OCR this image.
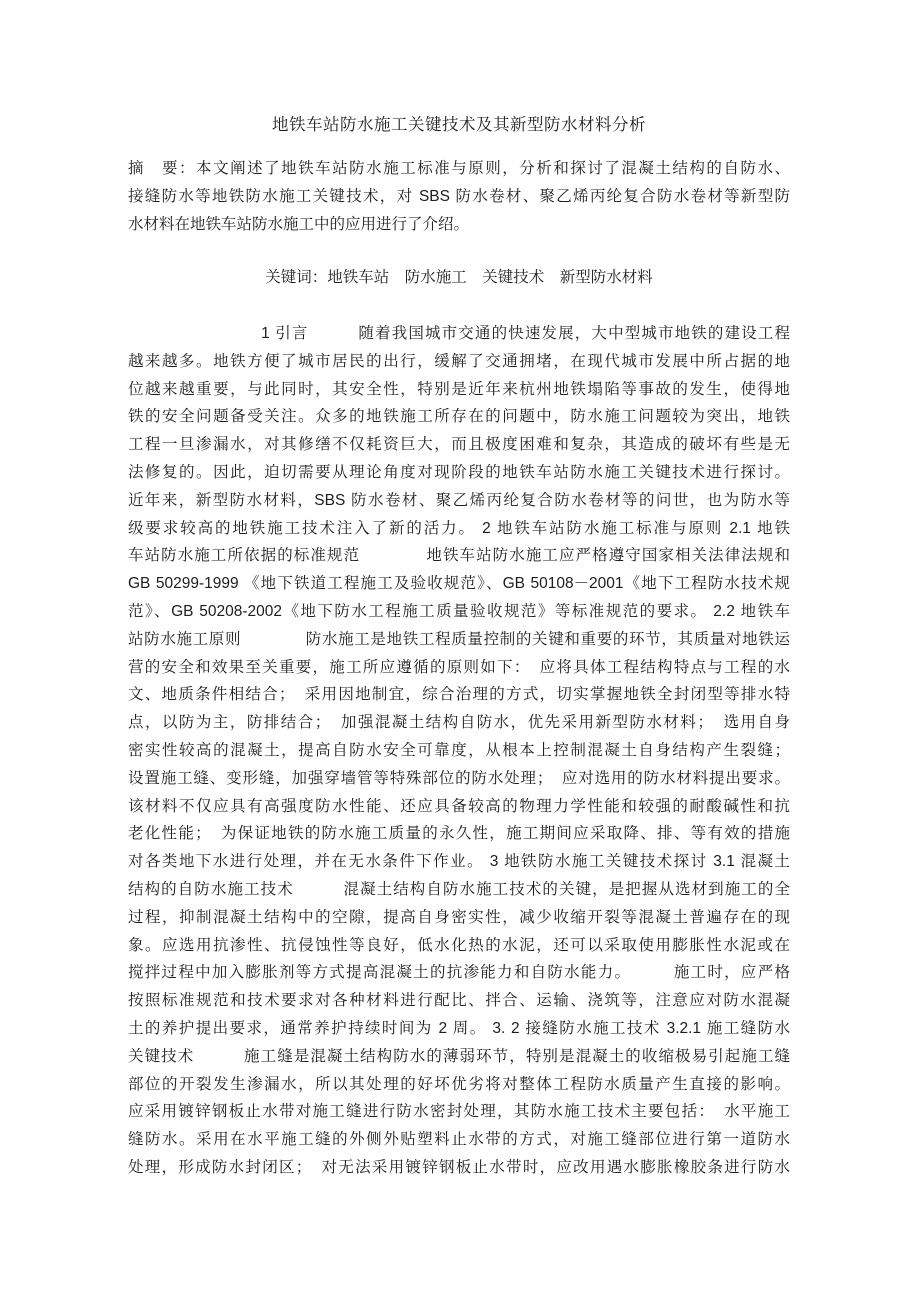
地铁车站防水施工关键技术及其新型防水材料分析
摘　要：本文阐述了地铁车站防水施工标准与原则，分析和探讨了混凝土结构的自防水、
接缝防水等地铁防水施工关键技术，对 SBS 防水卷材、聚乙烯丙纶复合防水卷材等新型防
水材料在地铁车站防水施工中的应用进行了介绍。
关键词：地铁车站　防水施工　关键技术　新型防水材料
　　　　　　　　1 引言　　　随着我国城市交通的快速发展，大中型城市地铁的建设工程
越来越多。地铁方便了城市居民的出行，缓解了交通拥堵，在现代城市发展中所占据的地
位越来越重要，与此同时，其安全性，特别是近年来杭州地铁塌陷等事故的发生，使得地
铁的安全问题备受关注。众多的地铁施工所存在的问题中，防水施工问题较为突出，地铁
工程一旦渗漏水，对其修缮不仅耗资巨大，而且极度困难和复杂，其造成的破坏有些是无
法修复的。因此，迫切需要从理论角度对现阶段的地铁车站防水施工关键技术进行探讨。
近年来，新型防水材料，SBS 防水卷材、聚乙烯丙纶复合防水卷材等的问世，也为防水等
级要求较高的地铁施工技术注入了新的活力。 2 地铁车站防水施工标准与原则 2.1 地铁
车站防水施工所依据的标准规范　　　　地铁车站防水施工应严格遵守国家相关法律法规和
GB 50299-1999 《地下铁道工程施工及验收规范》、GB 50108－2001《地下工程防水技术规
范》、GB 50208-2002《地下防水工程施工质量验收规范》等标准规范的要求。 2.2 地铁车
站防水施工原则　　　　防水施工是地铁工程质量控制的关键和重要的环节，其质量对地铁运
营的安全和效果至关重要，施工所应遵循的原则如下：　应将具体工程结构特点与工程的水
文、地质条件相结合；　采用因地制宜，综合治理的方式，切实掌握地铁全封闭型等排水特
点，以防为主，防排结合；　加强混凝土结构自防水，优先采用新型防水材料；　选用自身
密实性较高的混凝土，提高自防水安全可靠度，从根本上控制混凝土自身结构产生裂缝；
设置施工缝、变形缝，加强穿墙管等特殊部位的防水处理；　应对选用的防水材料提出要求。
该材料不仅应具有高强度防水性能、还应具备较高的物理力学性能和较强的耐酸碱性和抗
老化性能；　为保证地铁的防水施工质量的永久性，施工期间应采取降、排、等有效的措施
对各类地下水进行处理，并在无水条件下作业。 3 地铁防水施工关键技术探讨 3.1 混凝土
结构的自防水施工技术　　　混凝土结构自防水施工技术的关键，是把握从选材到施工的全
过程，抑制混凝土结构中的空隙，提高自身密实性，减少收缩开裂等混凝土普遍存在的现
象。应选用抗渗性、抗侵蚀性等良好，低水化热的水泥，还可以采取使用膨胀性水泥或在
搅拌过程中加入膨胀剂等方式提高混凝土的抗渗能力和自防水能力。　　　施工时，应严格
按照标准规范和技术要求对各种材料进行配比、拌合、运输、浇筑等，注意应对防水混凝
土的养护提出要求，通常养护持续时间为 2 周。 3. 2 接缝防水施工技术 3.2.1 施工缝防水
关键技术　　　施工缝是混凝土结构防水的薄弱环节，特别是混凝土的收缩极易引起施工缝
部位的开裂发生渗漏水，所以其处理的好坏优劣将对整体工程防水质量产生直接的影响。
应采用镀锌钢板止水带对施工缝进行防水密封处理，其防水施工技术主要包括：　水平施工
缝防水。采用在水平施工缝的外侧外贴塑料止水带的方式，对施工缝部位进行第一道防水
处理，形成防水封闭区；　对无法采用镀锌钢板止水带时，应改用遇水膨胀橡胶条进行防水
